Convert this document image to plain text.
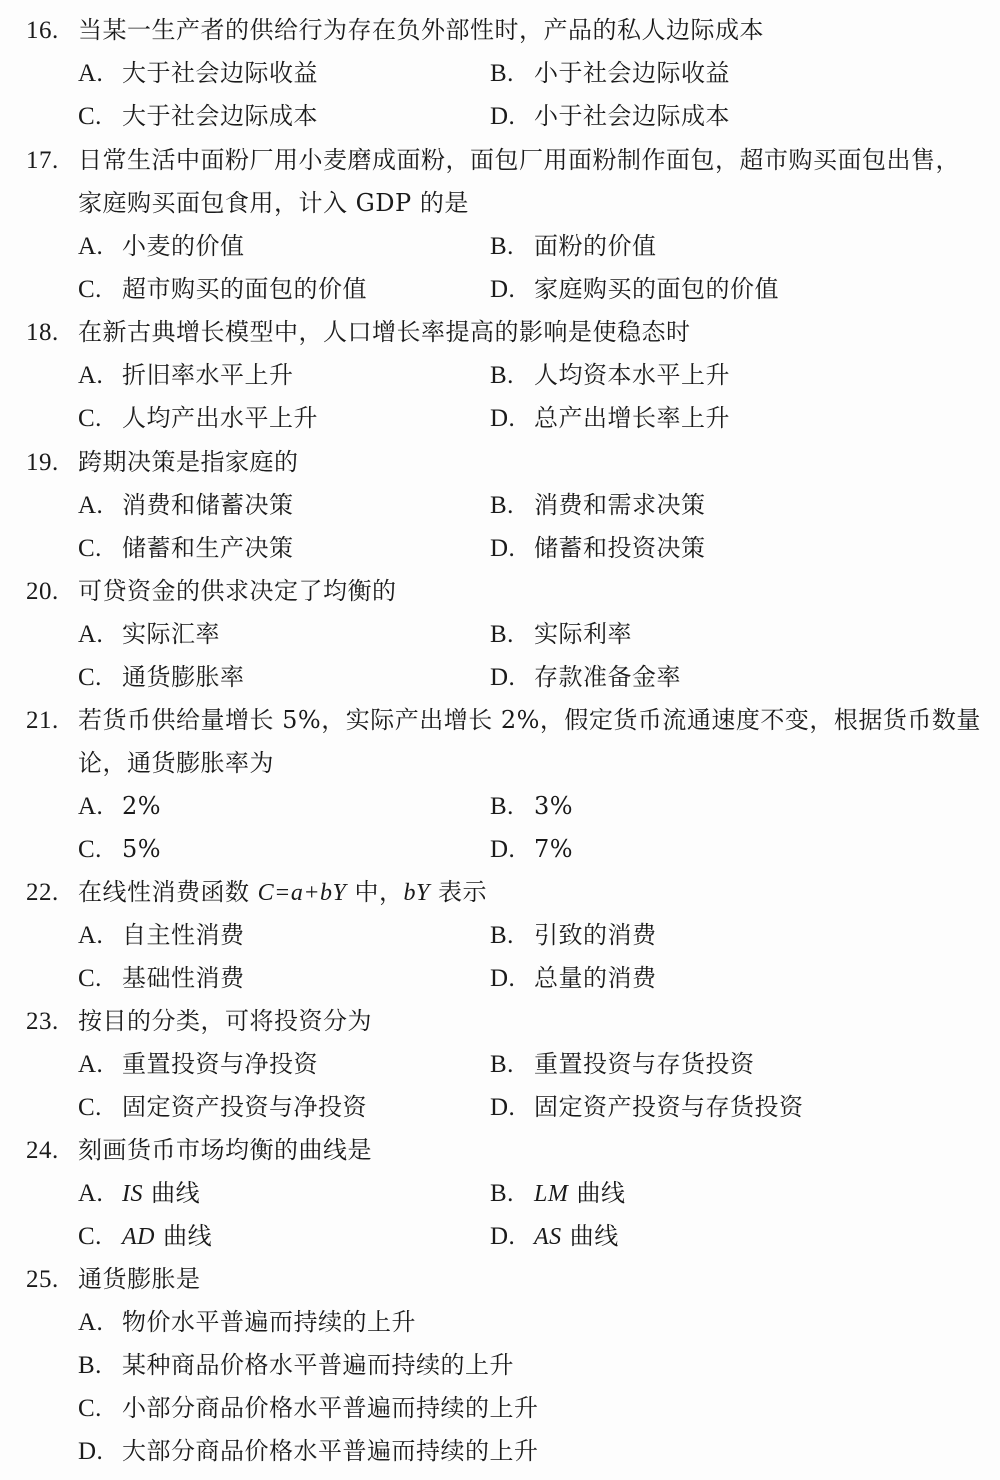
16. 当某一生产者的供给行为存在负外部性时，产品的私人边际成本
A. 大于社会边际收益	B. 小于社会边际收益
C. 大于社会边际成本	D. 小于社会边际成本
17. 日常生活中面粉厂用小麦磨成面粉，面包厂用面粉制作面包，超市购买面包出售，
家庭购买面包食用，计入 GDP 的是
A. 小麦的价值	B. 面粉的价值
C. 超市购买的面包的价值	D. 家庭购买的面包的价值
18. 在新古典增长模型中，人口增长率提高的影响是使稳态时
A. 折旧率水平上升	B. 人均资本水平上升
C. 人均产出水平上升	D. 总产出增长率上升
19. 跨期决策是指家庭的
A. 消费和储蓄决策	B. 消费和需求决策
C. 储蓄和生产决策	D. 储蓄和投资决策
20. 可贷资金的供求决定了均衡的
A. 实际汇率	B. 实际利率
C. 通货膨胀率	D. 存款准备金率
21. 若货币供给量增长 5%，实际产出增长 2%，假定货币流通速度不变，根据货币数量
论，通货膨胀率为
A. 2%	B. 3%
C. 5%	D. 7%
22. 在线性消费函数 C=a+bY 中，bY 表示
A. 自主性消费	B. 引致的消费
C. 基础性消费	D. 总量的消费
23. 按目的分类，可将投资分为
A. 重置投资与净投资	B. 重置投资与存货投资
C. 固定资产投资与净投资	D. 固定资产投资与存货投资
24. 刻画货币市场均衡的曲线是
A. IS 曲线	B. LM 曲线
C. AD 曲线	D. AS 曲线
25. 通货膨胀是
A. 物价水平普遍而持续的上升
B. 某种商品价格水平普遍而持续的上升
C. 小部分商品价格水平普遍而持续的上升
D. 大部分商品价格水平普遍而持续的上升
